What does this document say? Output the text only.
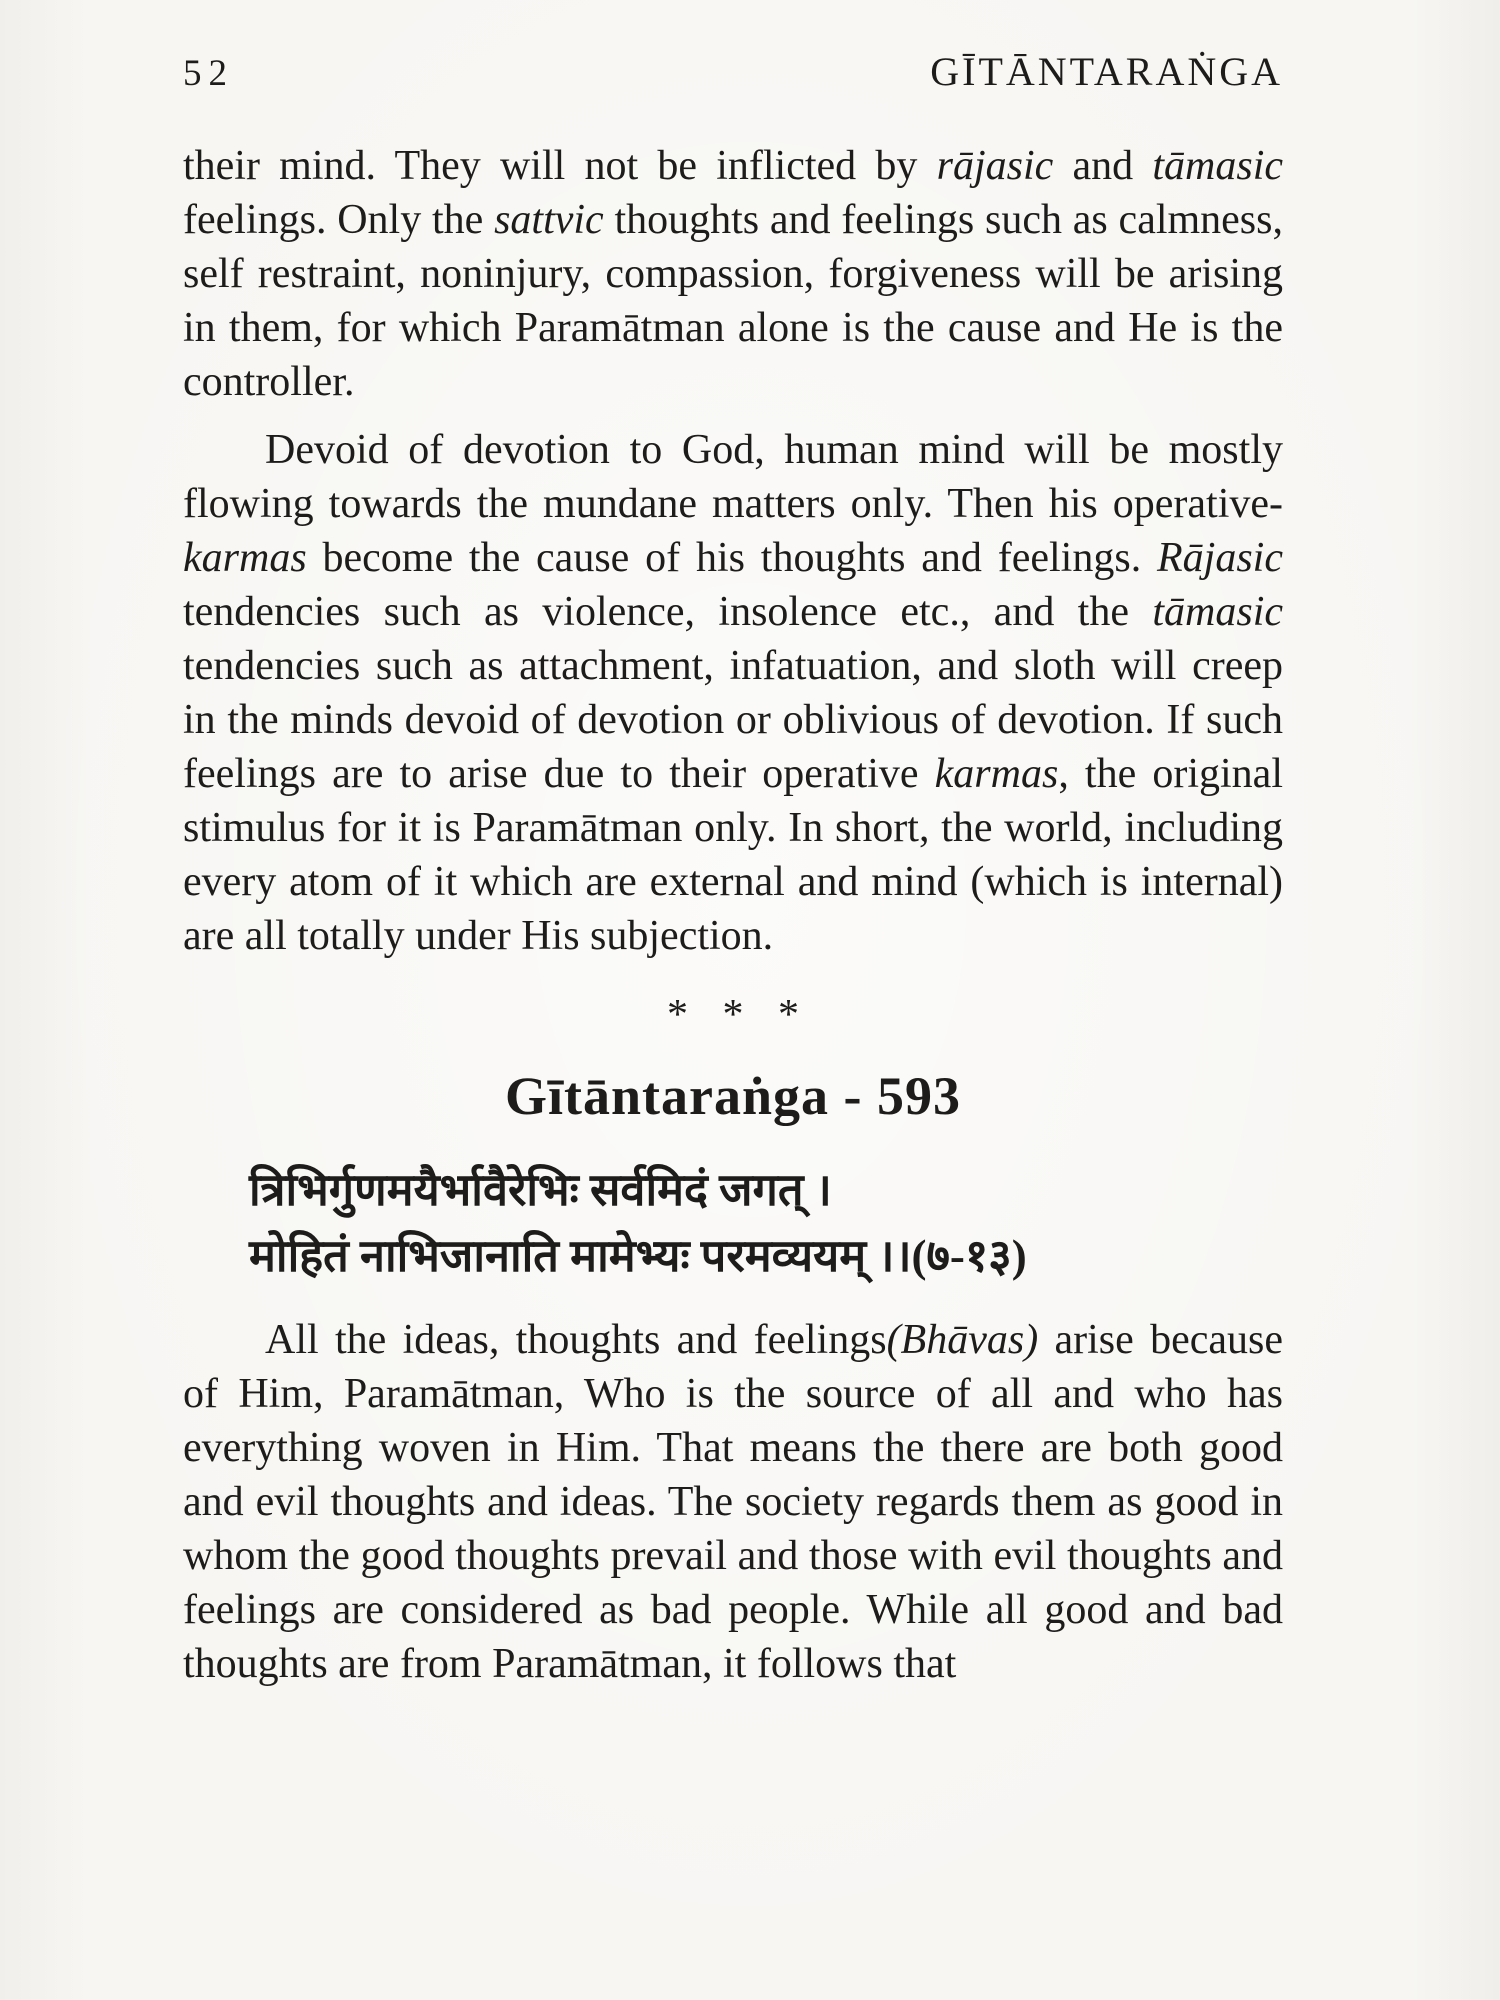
52	GĪTĀNTARAṄGA

their mind. They will not be inflicted by rājasic and tāmasic feelings. Only the sattvic thoughts and feelings such as calmness, self restraint, noninjury, compassion, forgiveness will be arising in them, for which Paramātman alone is the cause and He is the controller.

Devoid of devotion to God, human mind will be mostly flowing towards the mundane matters only. Then his operative-karmas become the cause of his thoughts and feelings. Rājasic tendencies such as violence, insolence etc., and the tāmasic tendencies such as attachment, infatuation, and sloth will creep in the minds devoid of devotion or oblivious of devotion. If such feelings are to arise due to their operative karmas, the original stimulus for it is Paramātman only. In short, the world, including every atom of it which are external and mind (which is internal) are all totally under His subjection.

* * *
Gītāntaraṅga - 593
त्रिभिर्गुणमयैर्भावैरेभिः सर्वमिदं जगत् ।
मोहितं नाभिजानाति मामेभ्यः परमव्ययम् ।।(७-१३)

All the ideas, thoughts and feelings(Bhāvas) arise because of Him, Paramātman, Who is the source of all and who has everything woven in Him. That means the there are both good and evil thoughts and ideas. The society regards them as good in whom the good thoughts prevail and those with evil thoughts and feelings are considered as bad people. While all good and bad thoughts are from Paramātman, it follows that
